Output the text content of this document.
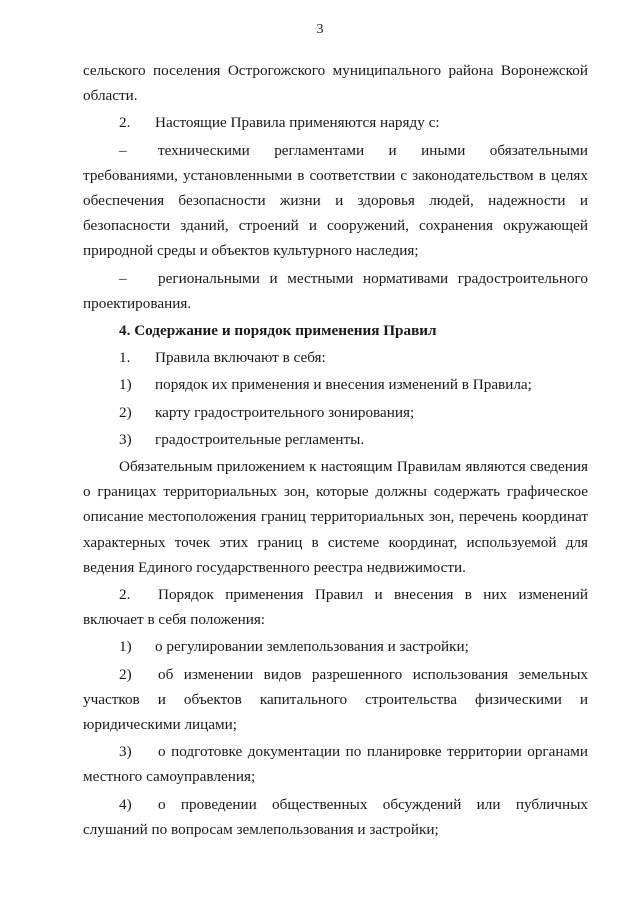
3

сельского поселения Острогожского муниципального района Воронежской области.

2.	Настоящие Правила применяются наряду с:

– техническими регламентами и иными обязательными требованиями, установленными в соответствии с законодательством в целях обеспечения безопасности жизни и здоровья людей, надежности и безопасности зданий, строений и сооружений, сохранения окружающей природной среды и объектов культурного наследия;

– региональными и местными нормативами градостроительного проектирования.

4. Содержание и порядок применения Правил

1.	Правила включают в себя:
1)	порядок их применения и внесения изменений в Правила;
2)	карту градостроительного зонирования;
3)	градостроительные регламенты.

Обязательным приложением к настоящим Правилам являются сведения о границах территориальных зон, которые должны содержать графическое описание местоположения границ территориальных зон, перечень координат характерных точек этих границ в системе координат, используемой для ведения Единого государственного реестра недвижимости.

2. Порядок применения Правил и внесения в них изменений включает в себя положения:

1)	о регулировании землепользования и застройки;

2) об изменении видов разрешенного использования земельных участков и объектов капитального строительства физическими и юридическими лицами;

3) о подготовке документации по планировке территории органами местного самоуправления;

4) о проведении общественных обсуждений или публичных слушаний по вопросам землепользования и застройки;
